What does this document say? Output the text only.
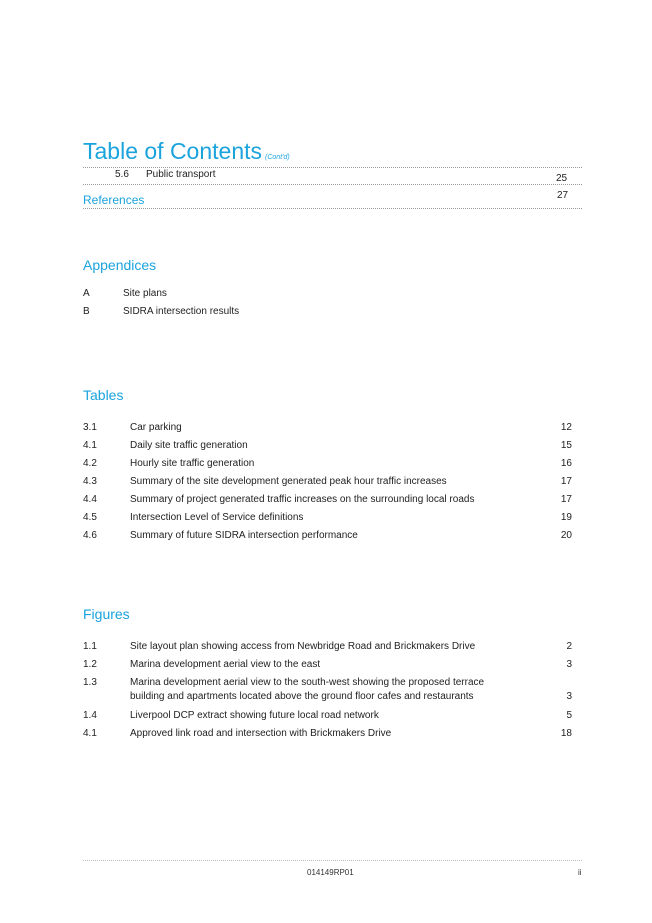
Table of Contents (Cont'd)
5.6 Public transport	25
References	27
Appendices
A	Site plans
B	SIDRA intersection results
Tables
3.1	Car parking	12
4.1	Daily site traffic generation	15
4.2	Hourly site traffic generation	16
4.3	Summary of the site development generated peak hour traffic increases	17
4.4	Summary of project generated traffic increases on the surrounding local roads	17
4.5	Intersection Level of Service definitions	19
4.6	Summary of future SIDRA intersection performance	20
Figures
1.1	Site layout plan showing access from Newbridge Road and Brickmakers Drive	2
1.2	Marina development aerial view to the east	3
1.3	Marina development aerial view to the south-west showing the proposed terrace
building and apartments located above the ground floor cafes and restaurants	3
1.4	Liverpool DCP extract showing future local road network	5
4.1	Approved link road and intersection with Brickmakers Drive	18
014149RP01	ii
